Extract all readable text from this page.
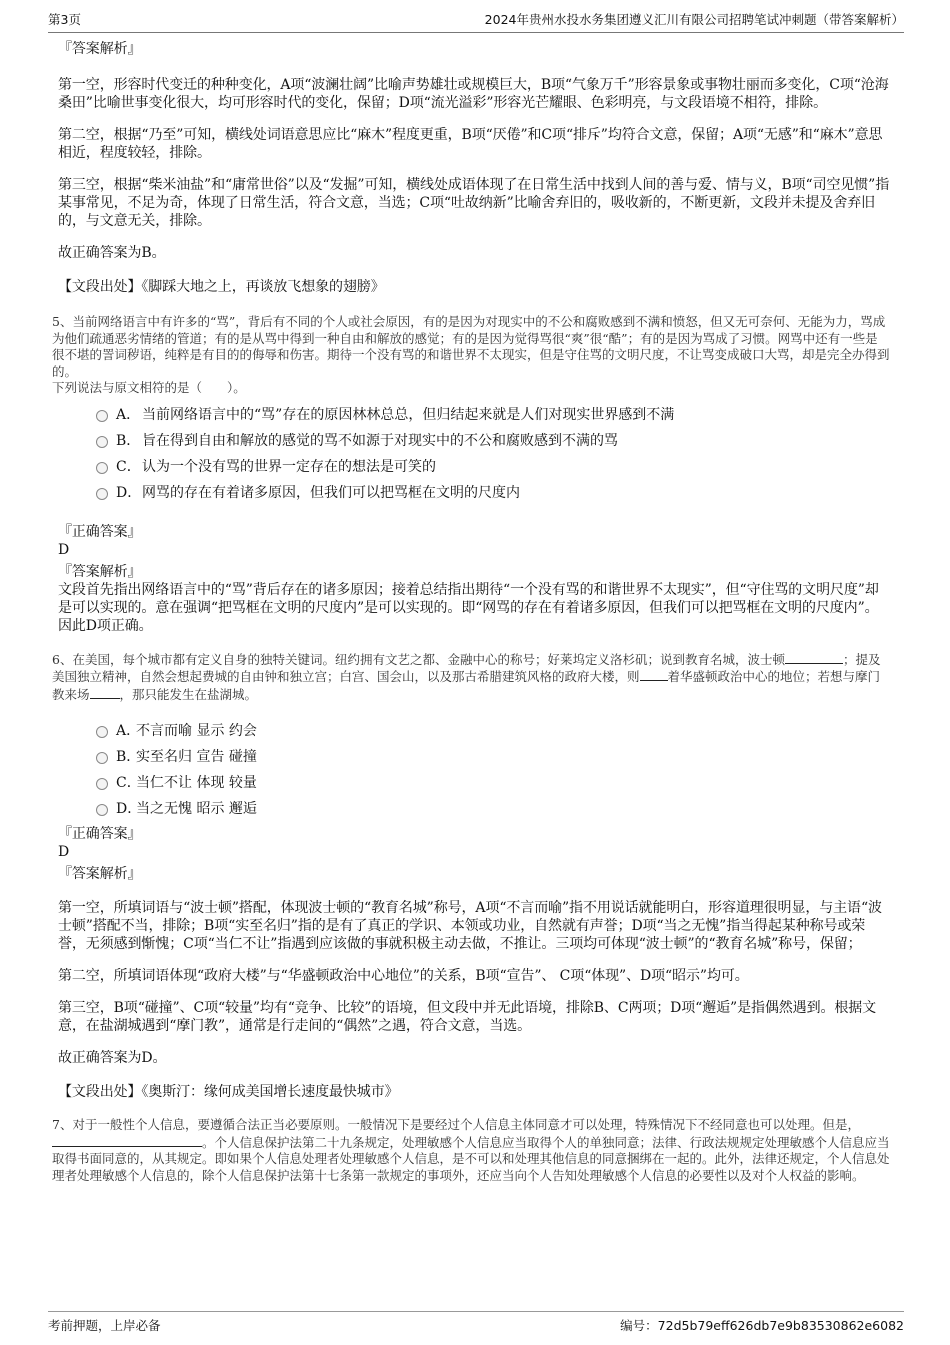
第3页	2024年贵州水投水务集团遵义汇川有限公司招聘笔试冲刺题（带答案解析）

『答案解析』

第一空，形容时代变迁的种种变化，A项“波澜壮阔”比喻声势雄壮或规模巨大，B项“气象万千”形容景象或事物壮丽而多变化，C项“沧海桑田”比喻世事变化很大，均可形容时代的变化，保留；D项“流光溢彩”形容光芒耀眼、色彩明亮，与文段语境不相符，排除。

第二空，根据“乃至”可知，横线处词语意思应比“麻木”程度更重，B项“厌倦”和C项“排斥”均符合文意，保留；A项“无感”和“麻木”意思相近，程度较轻，排除。

第三空，根据“柴米油盐”和“庸常世俗”以及“发掘”可知，横线处成语体现了在日常生活中找到人间的善与爱、情与义，B项“司空见惯”指某事常见，不足为奇，体现了日常生活，符合文意，当选；C项“吐故纳新”比喻舍弃旧的，吸收新的，不断更新，文段并未提及舍弃旧的，与文意无关，排除。

故正确答案为B。

【文段出处】《脚踩大地之上，再谈放飞想象的翅膀》

5、当前网络语言中有许多的“骂”，背后有不同的个人或社会原因，有的是因为对现实中的不公和腐败感到不满和愤怒，但又无可奈何、无能为力，骂成为他们疏通恶劣情绪的管道；有的是从骂中得到一种自由和解放的感觉；有的是因为觉得骂很“爽”很“酷”；有的是因为骂成了习惯。网骂中还有一些是很不堪的詈词秽语，纯粹是有目的的侮辱和伤害。期待一个没有骂的和谐世界不太现实，但是守住骂的文明尺度，不让骂变成破口大骂，却是完全办得到的。

下列说法与原文相符的是（　　）。

A． 当前网络语言中的“骂”存在的原因林林总总，但归结起来就是人们对现实世界感到不满
B． 旨在得到自由和解放的感觉的骂不如源于对现实中的不公和腐败感到不满的骂
C． 认为一个没有骂的世界一定存在的想法是可笑的
D． 网骂的存在有着诸多原因，但我们可以把骂框在文明的尺度内

『正确答案』

D

『答案解析』

文段首先指出网络语言中的“骂”背后存在的诸多原因；接着总结指出期待“一个没有骂的和谐世界不太现实”，但“守住骂的文明尺度”却是可以实现的。意在强调“把骂框在文明的尺度内”是可以实现的。即“网骂的存在有着诸多原因，但我们可以把骂框在文明的尺度内”。因此D项正确。

6、在美国，每个城市都有定义自身的独特关键词。纽约拥有文艺之都、金融中心的称号；好莱坞定义洛杉矶；说到教育名城，波士顿	；提及美国独立精神，自然会想起费城的自由钟和独立宫；白宫、国会山，以及那古希腊建筑风格的政府大楼，则 着华盛顿政治中心的地位；若想与摩门教来场 ，那只能发生在盐湖城。

A．
不言而喻 显示 约会
B．
实至名归 宣告 碰撞
C．
当仁不让 体现 较量
D．
当之无愧 昭示 邂逅

『正确答案』

D

『答案解析』

第一空，所填词语与“波士顿”搭配，体现波士顿的“教育名城”称号，A项“不言而喻”指不用说话就能明白，形容道理很明显，与主语“波士顿”搭配不当，排除；B项“实至名归”指的是有了真正的学识、本领或功业，自然就有声誉；D项“当之无愧”指当得起某种称号或荣誉，无须感到惭愧；C项“当仁不让”指遇到应该做的事就积极主动去做，不推让。三项均可体现“波士顿”的“教育名城”称号，保留；

第二空，所填词语体现“政府大楼”与“华盛顿政治中心地位”的关系，B项“宣告”、 C项“体现”、D项“昭示”均可。

第三空，B项“碰撞”、C项“较量”均有“竞争、比较”的语境，但文段中并无此语境，排除B、C两项；D项“邂逅”是指偶然遇到。根据文意，在盐湖城遇到“摩门教”，通常是行走间的“偶然”之遇，符合文意，当选。

故正确答案为D。

【文段出处】《奥斯汀：缘何成美国增长速度最快城市》

7、对于一般性个人信息，要遵循合法正当必要原则。一般情况下是要经过个人信息主体同意才可以处理，特殊情况下不经同意也可以处理。但是，。个人信息保护法第二十九条规定，处理敏感个人信息应当取得个人的单独同意；法律、行政法规规定处理敏感个人信息应当取得书面同意的，从其规定。即如果个人信息处理者处理敏感个人信息，是不可以和处理其他信息的同意捆绑在一起的。此外，法律还规定，个人信息处理者处理敏感个人信息的，除个人信息保护法第十七条第一款规定的事项外，还应当向个人告知处理敏感个人信息的必要性以及对个人权益的影响。

考前押题，上岸必备	编号：72d5b79eff626db7e9b83530862e6082
